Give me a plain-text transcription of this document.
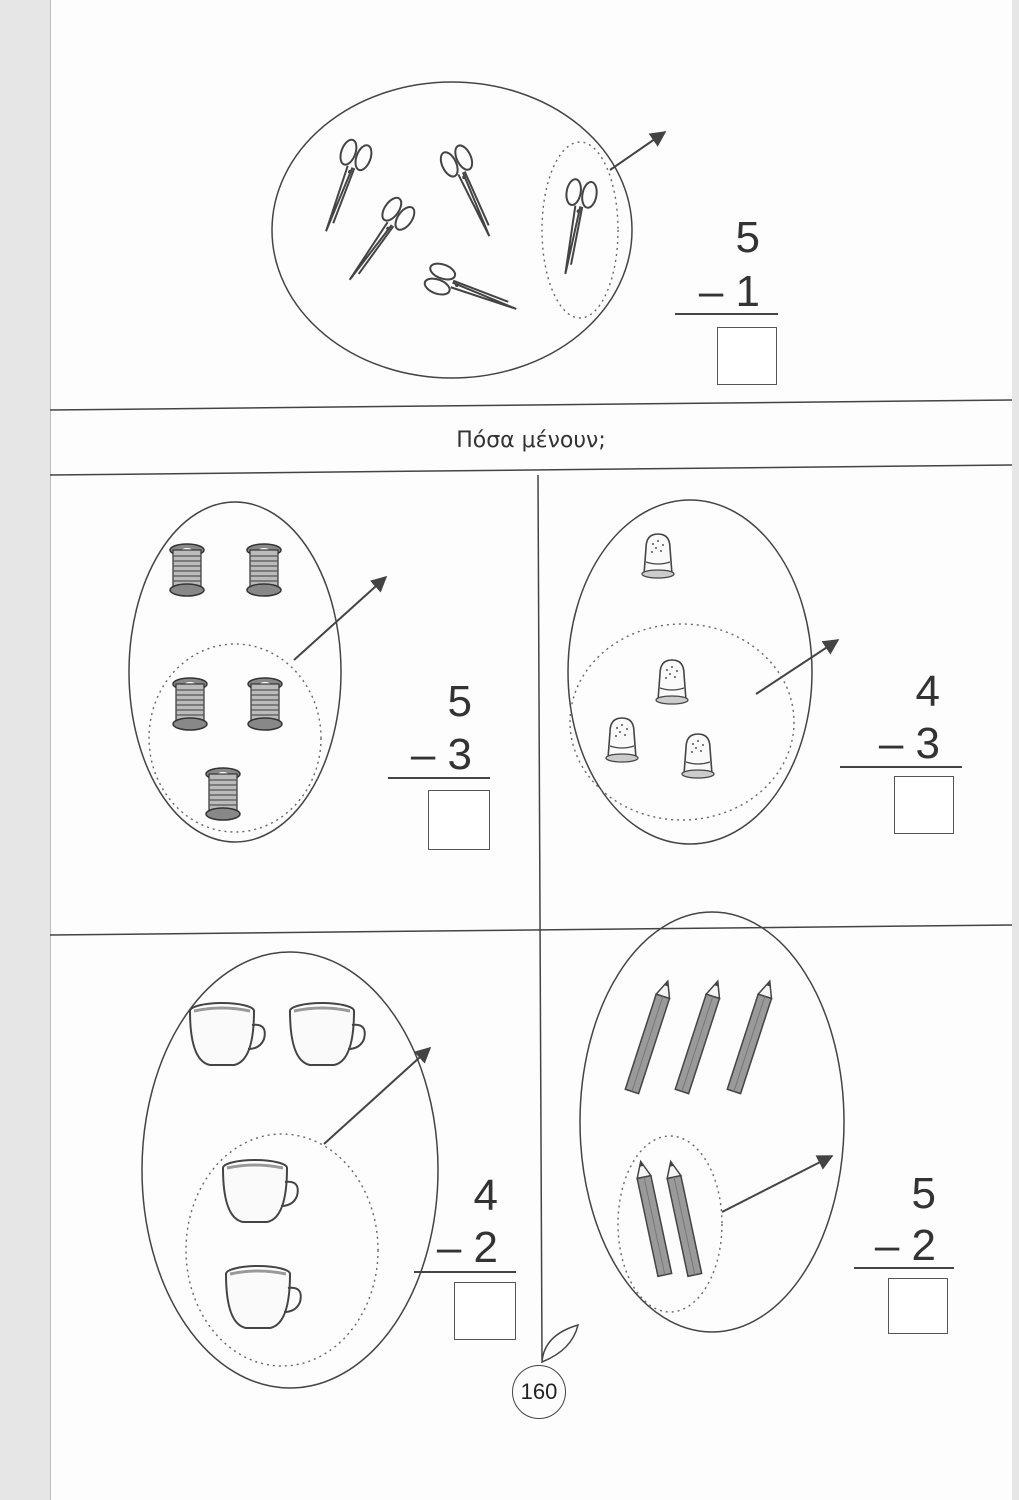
Πόσα μένουν;
5
– 1
5
– 3
4
– 3
4
– 2
5
– 2
160
